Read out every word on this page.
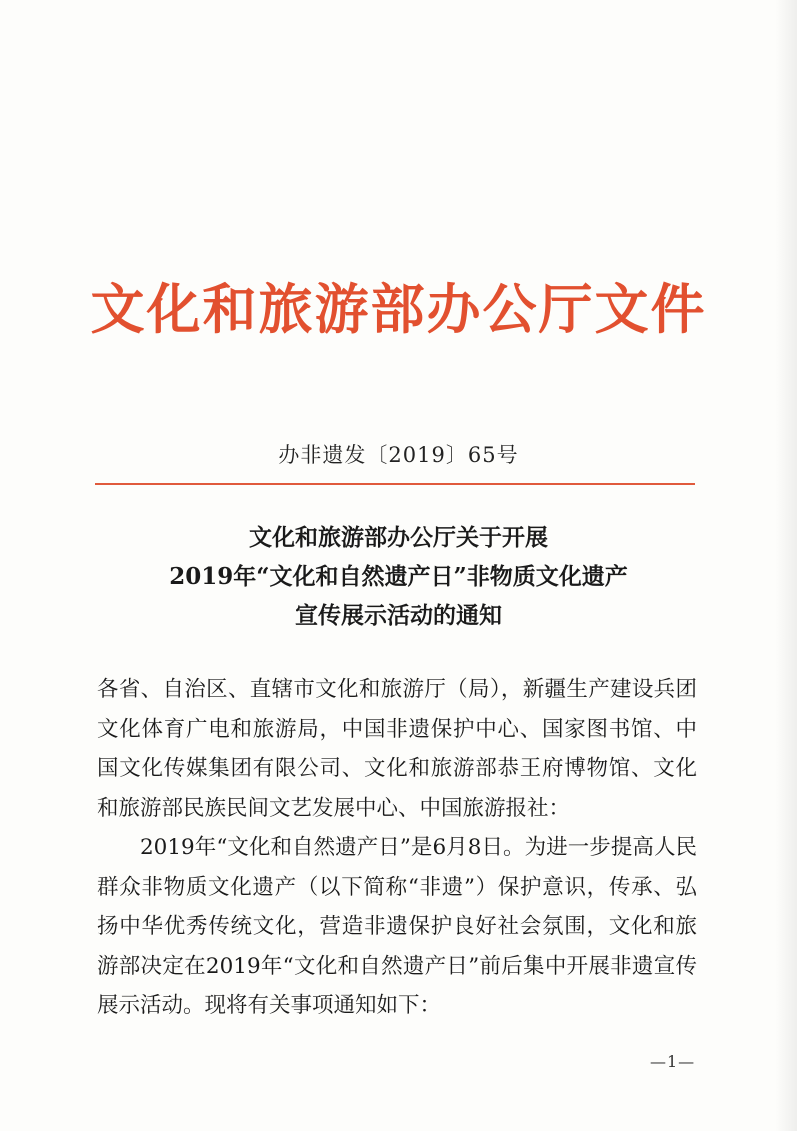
文化和旅游部办公厅文件
办非遗发〔2019〕65号
文化和旅游部办公厅关于开展
2019年“文化和自然遗产日”非物质文化遗产
宣传展示活动的通知

各省、自治区、直辖市文化和旅游厅（局），新疆生产建设兵团文化体育广电和旅游局，中国非遗保护中心、国家图书馆、中国文化传媒集团有限公司、文化和旅游部恭王府博物馆、文化和旅游部民族民间文艺发展中心、中国旅游报社：

2019年“文化和自然遗产日”是6月8日。为进一步提高人民群众非物质文化遗产（以下简称“非遗”）保护意识，传承、弘扬中华优秀传统文化，营造非遗保护良好社会氛围，文化和旅游部决定在2019年“文化和自然遗产日”前后集中开展非遗宣传展示活动。现将有关事项通知如下：

—1—
